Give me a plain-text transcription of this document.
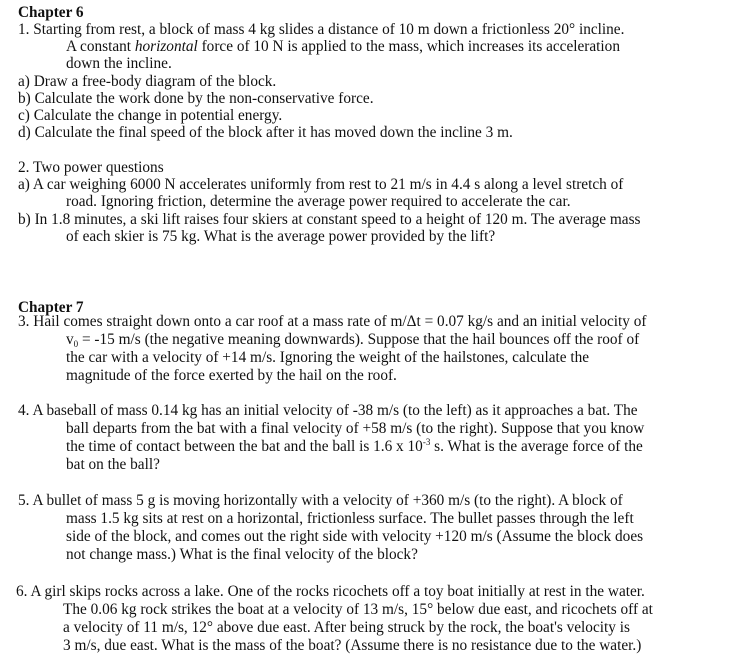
Chapter 6
1. Starting from rest, a block of mass 4 kg slides a distance of 10 m down a frictionless 20° incline.
A constant horizontal force of 10 N is applied to the mass, which increases its acceleration
down the incline.
a) Draw a free-body diagram of the block.
b) Calculate the work done by the non-conservative force.
c) Calculate the change in potential energy.
d) Calculate the final speed of the block after it has moved down the incline 3 m.
2. Two power questions
a) A car weighing 6000 N accelerates uniformly from rest to 21 m/s in 4.4 s along a level stretch of
road. Ignoring friction, determine the average power required to accelerate the car.
b) In 1.8 minutes, a ski lift raises four skiers at constant speed to a height of 120 m. The average mass
of each skier is 75 kg. What is the average power provided by the lift?
Chapter 7
3. Hail comes straight down onto a car roof at a mass rate of m/Δt = 0.07 kg/s and an initial velocity of
$v_0 = -15$ m/s (the negative meaning downwards). Suppose that the hail bounces off the roof of
the car with a velocity of +14 m/s. Ignoring the weight of the hailstones, calculate the
magnitude of the force exerted by the hail on the roof.
4. A baseball of mass 0.14 kg has an initial velocity of -38 m/s (to the left) as it approaches a bat. The
ball departs from the bat with a final velocity of +58 m/s (to the right). Suppose that you know
the time of contact between the bat and the ball is 1.6 x $10^{-3}$ s. What is the average force of the
bat on the ball?
5. A bullet of mass 5 g is moving horizontally with a velocity of +360 m/s (to the right). A block of
mass 1.5 kg sits at rest on a horizontal, frictionless surface. The bullet passes through the left
side of the block, and comes out the right side with velocity +120 m/s (Assume the block does
not change mass.) What is the final velocity of the block?
6. A girl skips rocks across a lake. One of the rocks ricochets off a toy boat initially at rest in the water.
The 0.06 kg rock strikes the boat at a velocity of 13 m/s, 15° below due east, and ricochets off at
a velocity of 11 m/s, 12° above due east. After being struck by the rock, the boat's velocity is
3 m/s, due east. What is the mass of the boat? (Assume there is no resistance due to the water.)
